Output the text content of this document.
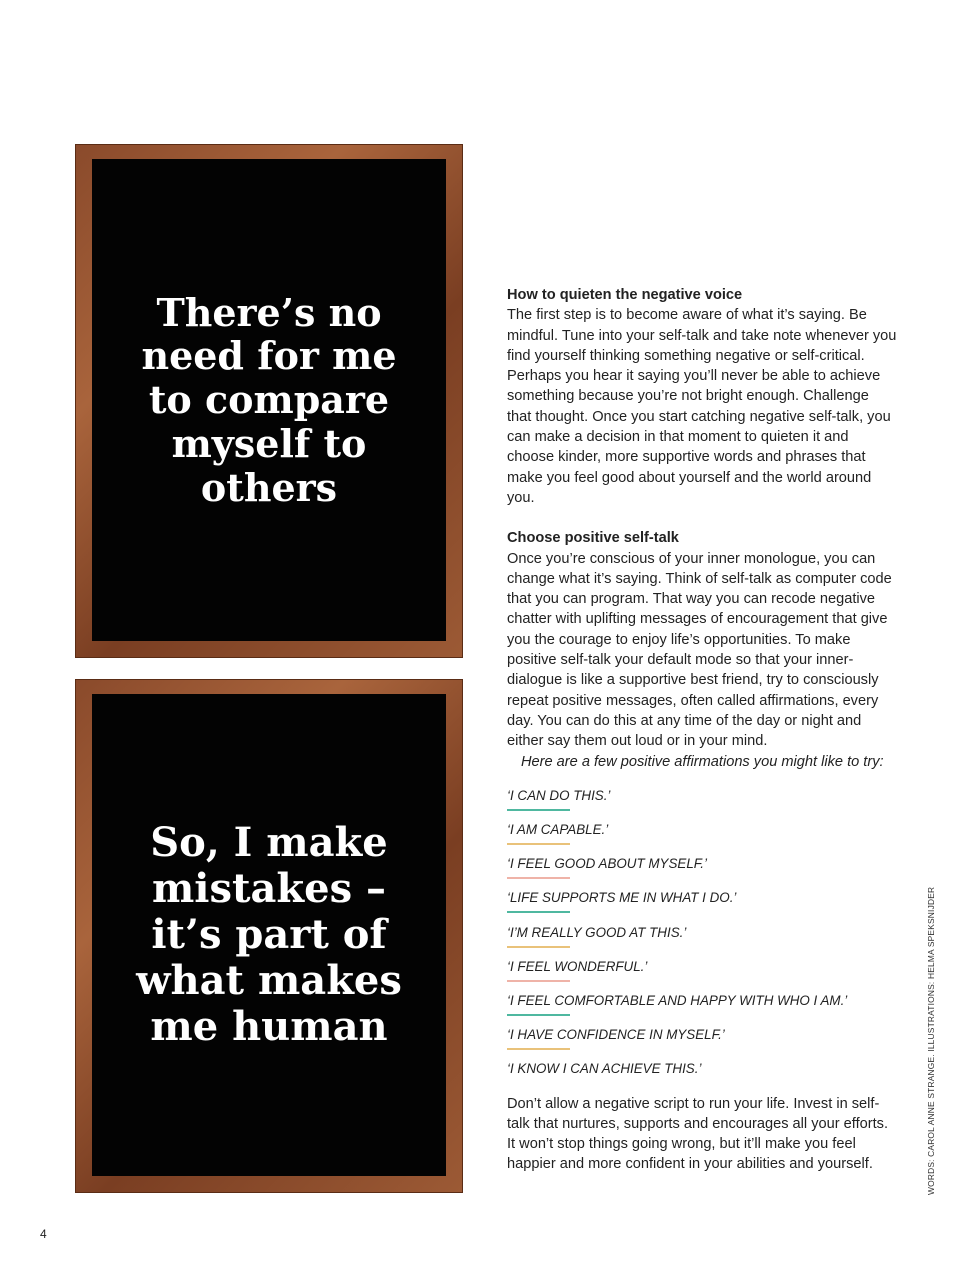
There’s no
need for me
to compare
myself to
others
So, I make
mistakes –
it’s part of
what makes
me human

How to quieten the negative voice

The first step is to become aware of what it’s saying. Be mindful. Tune into your self-talk and take note whenever you find yourself thinking something negative or self-critical. Perhaps you hear it saying you’ll never be able to achieve something because you’re not bright enough. Challenge that thought. Once you start catching negative self-talk, you can make a decision in that moment to quieten it and choose kinder, more supportive words and phrases that make you feel good about yourself and the world around you.

Choose positive self-talk

Once you’re conscious of your inner monologue, you can change what it’s saying. Think of self-talk as computer code that you can program. That way you can recode negative chatter with uplifting messages of encouragement that give you the courage to enjoy life’s opportunities. To make positive self-talk your default mode so that your inner-dialogue is like a supportive best friend, try to consciously repeat positive messages, often called affirmations, every day. You can do this at any time of the day or night and either say them out loud or in your mind.

Here are a few positive affirmations you might like to try:

‘I CAN DO THIS.’
‘I AM CAPABLE.’
‘I FEEL GOOD ABOUT MYSELF.’
‘LIFE SUPPORTS ME IN WHAT I DO.’
‘I’M REALLY GOOD AT THIS.’
‘I FEEL WONDERFUL.’
‘I FEEL COMFORTABLE AND HAPPY WITH WHO I AM.’
‘I HAVE CONFIDENCE IN MYSELF.’
‘I KNOW I CAN ACHIEVE THIS.’

Don’t allow a negative script to run your life. Invest in self-talk that nurtures, supports and encourages all your efforts. It won’t stop things going wrong, but it’ll make you feel happier and more confident in your abilities and yourself.	WORDS: CAROL ANNE STRANGE. ILLUSTRATIONS: HELMA SPEKSNIJDER
4
